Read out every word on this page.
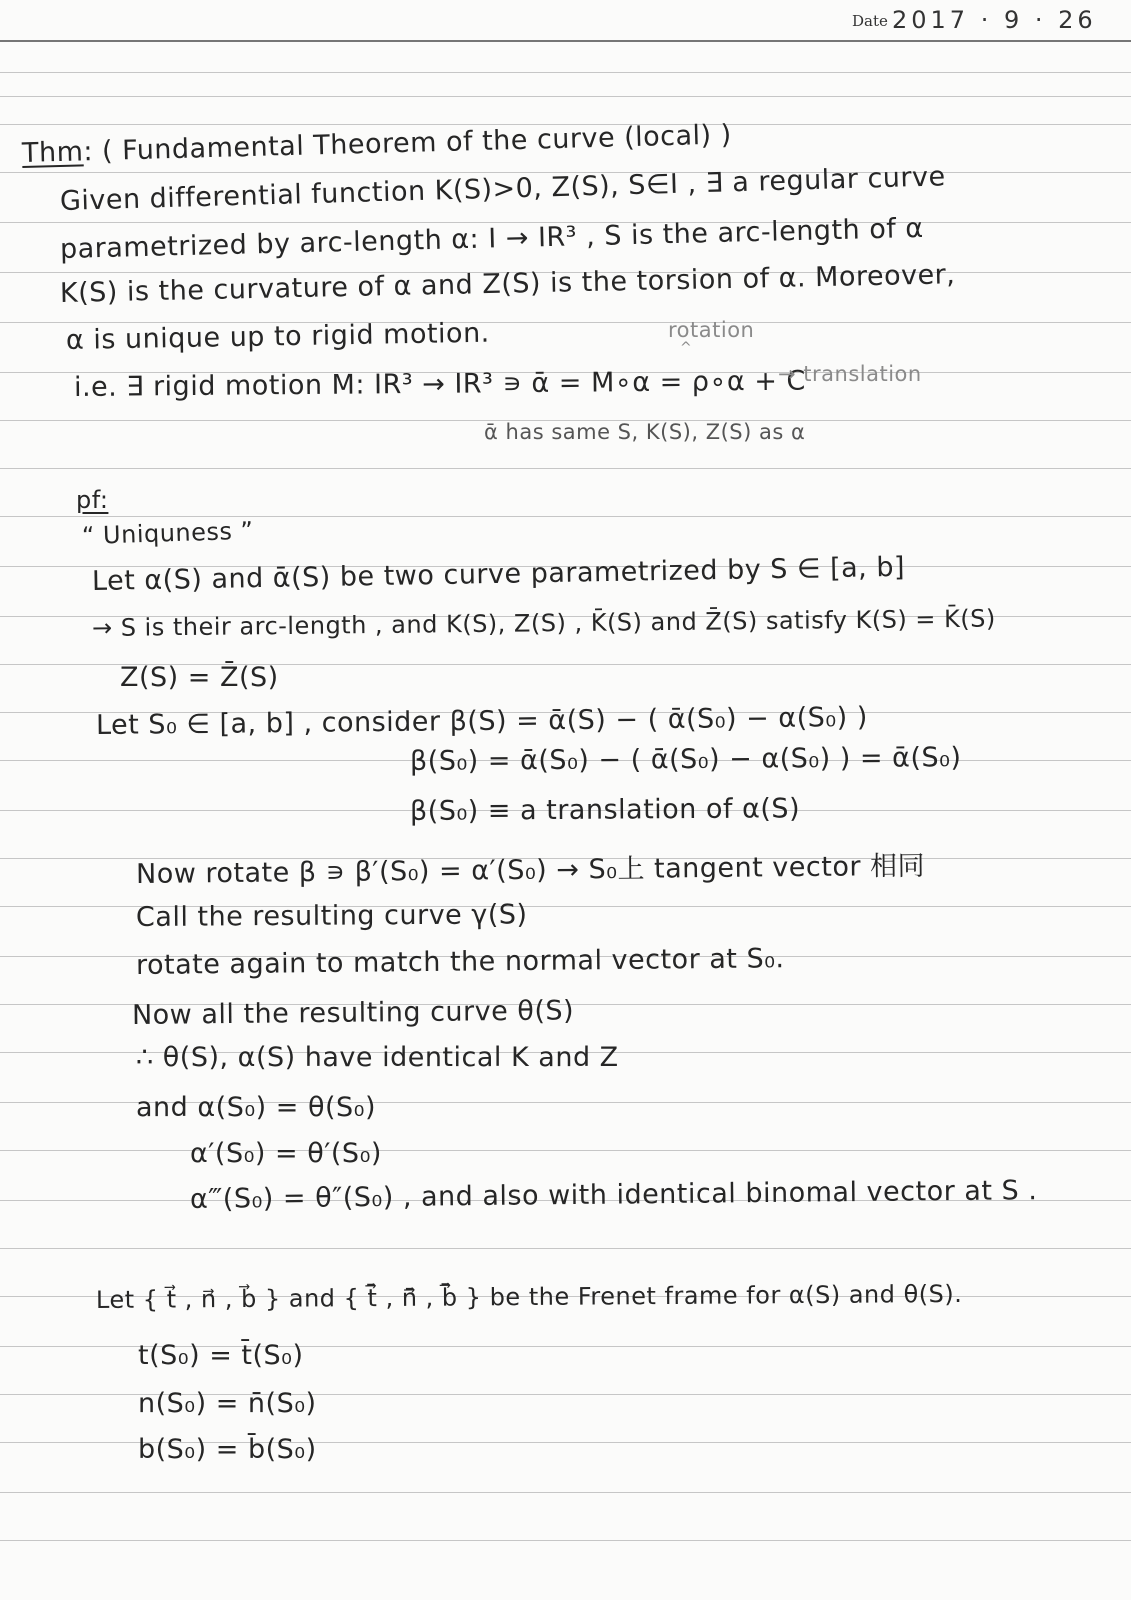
Date 2017 · 9 · 26
Thm: ( Fundamental Theorem of the curve (local) )
Given differential function K(S)>0, Z(S), S∈I , ∃ a regular curve
parametrized by arc-length α: I → IR³ , S is the arc-length of α
K(S) is the curvature of α and Z(S) is the torsion of α. Moreover,
α is unique up to rigid motion.	rotation
^
i.e. ∃ rigid motion M: IR³ → IR³ ∍ ᾱ = M∘α = ρ∘α + C
→ translation
ᾱ has same S, K(S), Z(S) as α
pf:
“ Uniquness ”
Let α(S) and ᾱ(S) be two curve parametrized by S ∈ [a, b]
→ S is their arc-length , and K(S), Z(S) , K̄(S) and Z̄(S) satisfy K(S) = K̄(S)
Z(S) = Z̄(S)
Let S₀ ∈ [a, b] , consider β(S) = ᾱ(S) − ( ᾱ(S₀) − α(S₀) )
β(S₀) = ᾱ(S₀) − ( ᾱ(S₀) − α(S₀) ) = ᾱ(S₀)
β(S₀) ≡ a translation of α(S)
Now rotate β ∍ β′(S₀) = α′(S₀) → S₀上 tangent vector 相同
Call the resulting curve γ(S)
rotate again to match the normal vector at S₀.
Now all the resulting curve θ(S)
∴ θ(S), α(S) have identical K and Z
and α(S₀) = θ(S₀)
α′(S₀) = θ′(S₀)
α‴(S₀) = θ″(S₀) , and also with identical binomal vector at S .
Let { t⃗ , n⃗ , b⃗ } and { t̄⃗ , n̄⃗ , b̄⃗ } be the Frenet frame for α(S) and θ(S).
t(S₀) = t̄(S₀)
n(S₀) = n̄(S₀)
b(S₀) = b̄(S₀)
